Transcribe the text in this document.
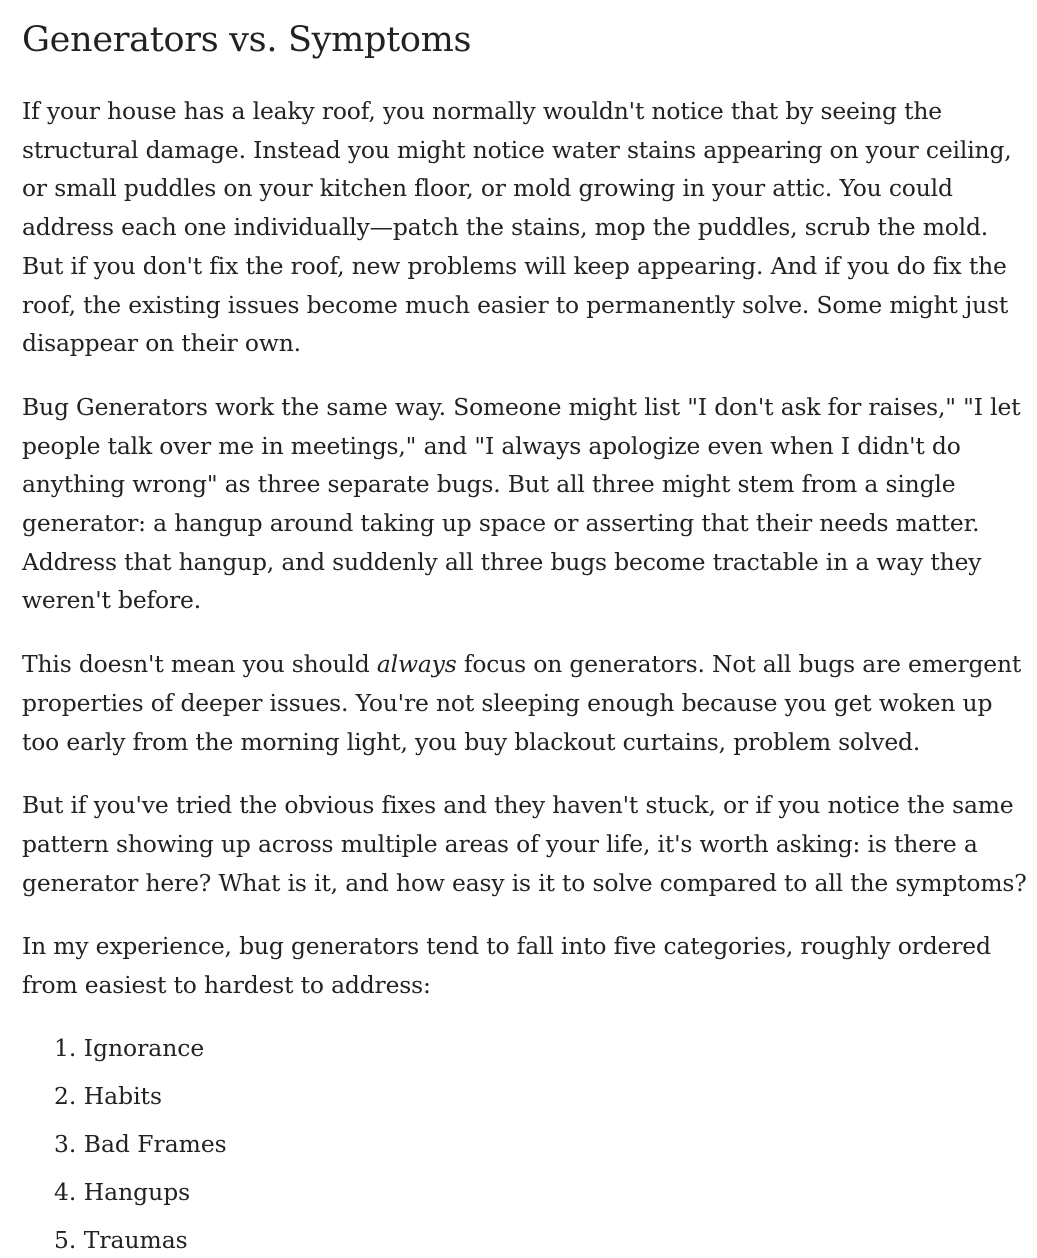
Generators vs. Symptoms

If your house has a leaky roof, you normally wouldn't notice that by seeing the structural damage. Instead you might notice water stains appearing on your ceiling, or small puddles on your kitchen floor, or mold growing in your attic. You could address each one individually—patch the stains, mop the puddles, scrub the mold. But if you don't fix the roof, new problems will keep appearing. And if you do fix the roof, the existing issues become much easier to permanently solve. Some might just disappear on their own.

Bug Generators work the same way. Someone might list "I don't ask for raises," "I let people talk over me in meetings," and "I always apologize even when I didn't do anything wrong" as three separate bugs. But all three might stem from a single generator: a hangup around taking up space or asserting that their needs matter. Address that hangup, and suddenly all three bugs become tractable in a way they weren't before.

This doesn't mean you should always focus on generators. Not all bugs are emergent properties of deeper issues. You're not sleeping enough because you get woken up too early from the morning light, you buy blackout curtains, problem solved.

But if you've tried the obvious fixes and they haven't stuck, or if you notice the same pattern showing up across multiple areas of your life, it's worth asking: is there a generator here? What is it, and how easy is it to solve compared to all the symptoms?

In my experience, bug generators tend to fall into five categories, roughly ordered from easiest to hardest to address:

1. Ignorance
2. Habits
3. Bad Frames
4. Hangups
5. Traumas
